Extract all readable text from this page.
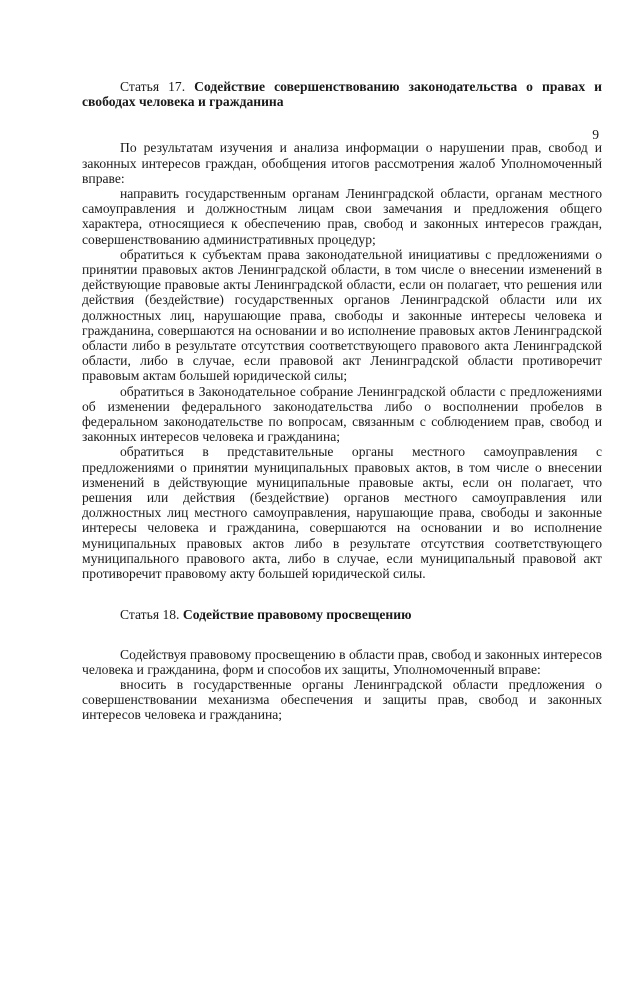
9
Статья 17. Содействие совершенствованию законодательства о правах и свободах человека и гражданина

По результатам изучения и анализа информации о нарушении прав, свобод и законных интересов граждан, обобщения итогов рассмотрения жалоб Уполномоченный вправе:

направить государственным органам Ленинградской области, органам местного самоуправления и должностным лицам свои замечания и предложения общего характера, относящиеся к обеспечению прав, свобод и законных интересов граждан, совершенствованию административных процедур;

обратиться к субъектам права законодательной инициативы с предложениями о принятии правовых актов Ленинградской области, в том числе о внесении изменений в действующие правовые акты Ленинградской области, если он полагает, что решения или действия (бездействие) государственных органов Ленинградской области или их должностных лиц, нарушающие права, свободы и законные интересы человека и гражданина, совершаются на основании и во исполнение правовых актов Ленинградской области либо в результате отсутствия соответствующего правового акта Ленинградской области, либо в случае, если правовой акт Ленинградской области противоречит правовым актам большей юридической силы;

обратиться в Законодательное собрание Ленинградской области с предложениями об изменении федерального законодательства либо о восполнении пробелов в федеральном законодательстве по вопросам, связанным с соблюдением прав, свобод и законных интересов человека и гражданина;

обратиться в представительные органы местного самоуправления с предложениями о принятии муниципальных правовых актов, в том числе о внесении изменений в действующие муниципальные правовые акты, если он полагает, что решения или действия (бездействие) органов местного самоуправления или должностных лиц местного самоуправления, нарушающие права, свободы и законные интересы человека и гражданина, совершаются на основании и во исполнение муниципальных правовых актов либо в результате отсутствия соответствующего муниципального правового акта, либо в случае, если муниципальный правовой акт противоречит правовому акту большей юридической силы.

Статья 18. Содействие правовому просвещению

Содействуя правовому просвещению в области прав, свобод и законных интересов человека и гражданина, форм и способов их защиты, Уполномоченный вправе:

вносить в государственные органы Ленинградской области предложения о совершенствовании механизма обеспечения и защиты прав, свобод и законных интересов человека и гражданина;
